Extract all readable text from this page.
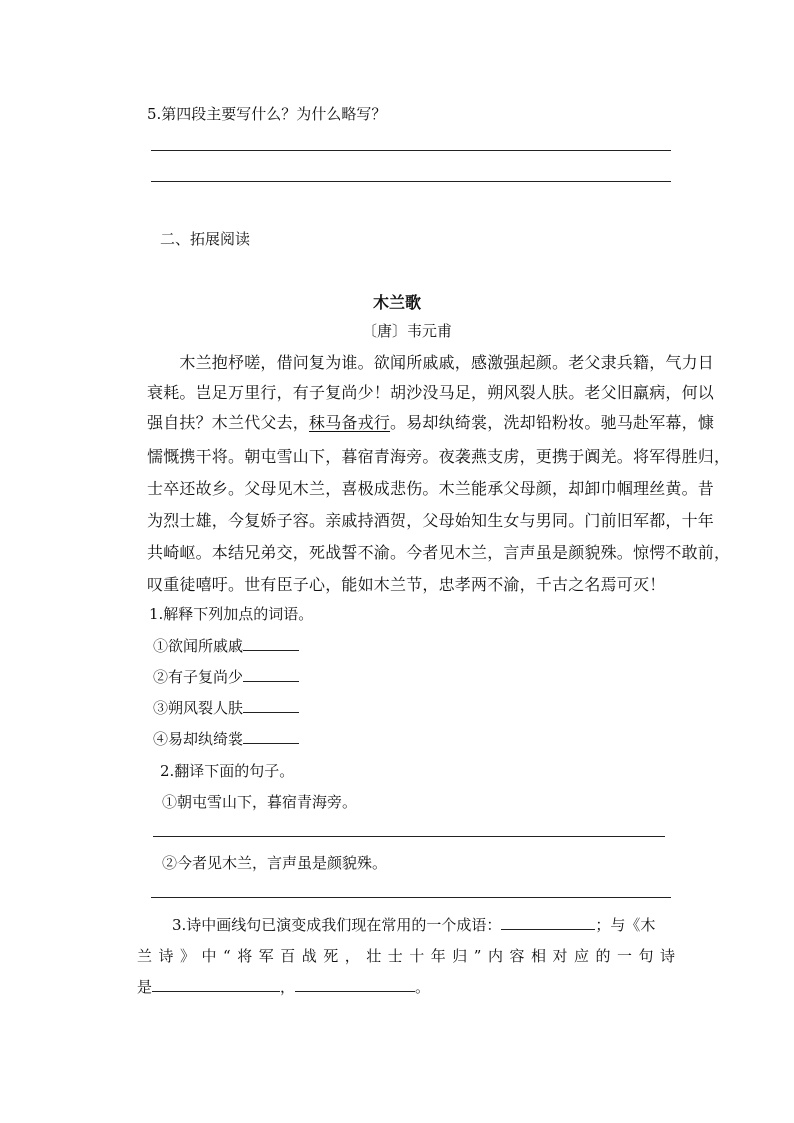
5.第四段主要写什么？为什么略写？
二、拓展阅读
木兰歌
〔唐〕韦元甫
　　木兰抱杼嗟，借问复为谁。欲闻所戚戚，感激强起颜。老父隶兵籍，气力日
衰耗。岂足万里行，有子复尚少！胡沙没马足，朔风裂人肤。老父旧羸病，何以
强自扶？木兰代父去，秣马备戎行。易却纨绮裳，洗却铅粉妆。驰马赴军幕，慷
懦慨携干将。朝屯雪山下，暮宿青海旁。夜袭燕支虏，更携于阗羌。将军得胜归，
士卒还故乡。父母见木兰，喜极成悲伤。木兰能承父母颜，却卸巾帼理丝黄。昔
为烈士雄，今复娇子容。亲戚持酒贺，父母始知生女与男同。门前旧军都，十年
共崎岖。本结兄弟交，死战誓不渝。今者见木兰，言声虽是颜貌殊。惊愕不敢前，
叹重徒嘻吁。世有臣子心，能如木兰节，忠孝两不渝，千古之名焉可灭！
1.解释下列加点的词语。
①欲闻所戚戚
②有子复尚少
③朔风裂人肤
④易却纨绮裳
2.翻译下面的句子。
①朝屯雪山下，暮宿青海旁。
②今者见木兰，言声虽是颜貌殊。
3.诗中画线句已演变成我们现在常用的一个成语：	；与《木
兰诗》中“将军百战死，壮士十年归”内容相对应的一句诗
是	，	。
